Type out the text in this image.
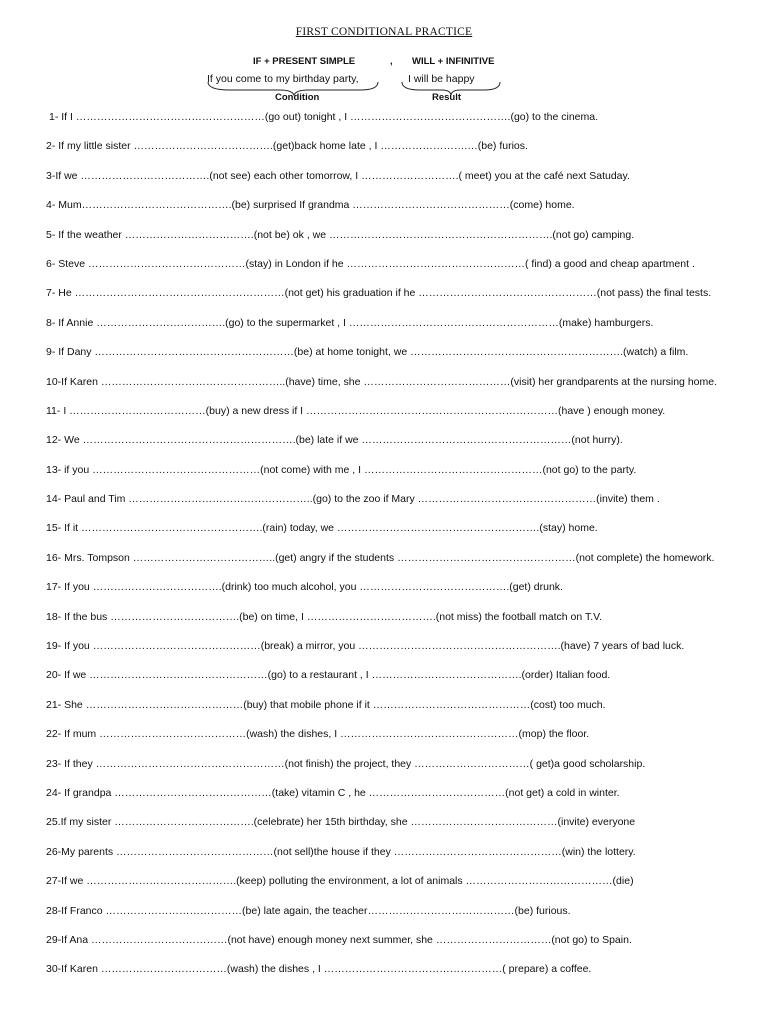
FIRST CONDITIONAL PRACTICE
IF + PRESENT SIMPLE	, WILL + INFINITIVE
If you come to my birthday party,	I will be happy
Condition	Result
1- If I ………………………………………………(go out) tonight , I ……………………………………….(go) to the cinema.
2- If my little sister ………………………………….(get)back home late , I …………………….…(be) furios.
3-If we ……………………………….(not see) each other tomorrow, I ……………………….( meet) you at the café next Satuday.
4- Mum…………………………………….(be) surprised If grandma ………………………………………(come) home.
5- If the weather ……………………………….(not be) ok , we ……………………………………………………….(not go) camping.
6- Steve ………………………………………(stay) in London if he ……………………………………………( find) a good and cheap apartment .
7- He ……………………………………………………(not get) his graduation if he ……………………………………………(not pass) the final tests.
8- If Annie ……………………………….(go) to the supermarket , I ……………………………………………………(make) hamburgers.
9- If Dany …………………………………………………(be) at home tonight, we …………………………………………………….(watch) a film.
10-If Karen ……………………………………………..(have) time, she ……………………………………(visit) her grandparents at the nursing home.
11- I …………………………………(buy) a new dress if I ………………………………………………………………(have ) enough money.
12- We …………………………………………………….(be) late if we ……………………………………………………(not hurry).
13- if you …………………………………………(not come) with me , I ……………………………………………(not go) to the party.
14- Paul and Tim ……………………………………………..(go) to the zoo if Mary ……………………………………………(invite) them .
15- If it …………………………………………….(rain) today, we ………………………………………………….(stay) home.
16- Mrs. Tompson …………………………………..(get) angry if the students ……………………………………………(not complete) the homework.
17- If you ……………………………….(drink) too much alcohol, you …………………………………….(get) drunk.
18- If the bus ……………………………….(be) on time, I ……………………………….(not miss) the football match on T.V.
19- If you …………………………………………(break) a mirror, you ………………………………………………….(have) 7 years of bad luck.
20- If we ……………………………………………(go) to a restaurant , I …………………………………….(order) Italian food.
21- She ………………………………………(buy) that mobile phone if it ………………………………………(cost) too much.
22- If mum ……………………………………(wash) the dishes, I ……………………………………………(mop) the floor.
23- If they ………………………………………………(not finish) the project, they ……………………………( get)a good scholarship.
24- If grandpa ………………………………………(take) vitamin C , he …………………………………(not get) a cold in winter.
25.If my sister ………………………………….(celebrate) her 15th birthday, she ……………………………………(invite) everyone
26-My parents ………………………………………(not sell)the house if they …………………………………………(win) the lottery.
27-If we …………………………………….(keep) polluting the environment, a lot of animals ……………………………………(die)
28-If Franco …………………………………(be) late again, the teacher……………………………………(be) furious.
29-If Ana …………………………………(not have) enough money next summer, she ……………………………(not go) to Spain.
30-If Karen ………………………………(wash) the dishes , I ……………………………………………( prepare) a coffee.
